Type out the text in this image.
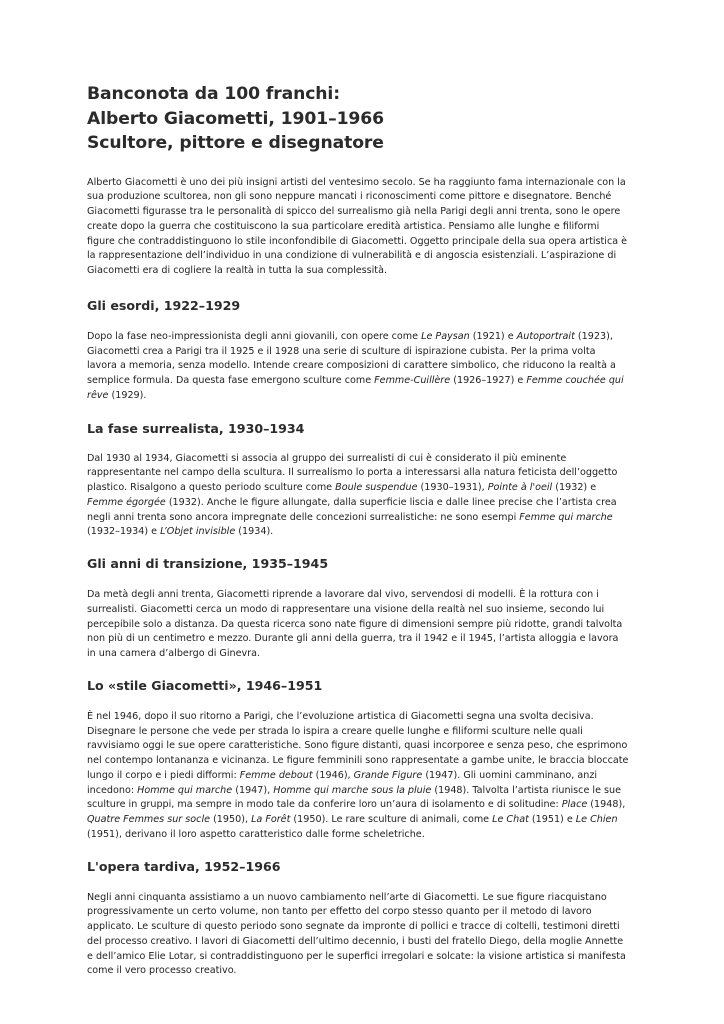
Banconota da 100 franchi:
Alberto Giacometti, 1901–1966
Scultore, pittore e disegnatore

Alberto Giacometti è uno dei più insigni artisti del ventesimo secolo. Se ha raggiunto fama internazionale con la
sua produzione scultorea, non gli sono neppure mancati i riconoscimenti come pittore e disegnatore. Benché
Giacometti figurasse tra le personalità di spicco del surrealismo già nella Parigi degli anni trenta, sono le opere
create dopo la guerra che costituiscono la sua particolare eredità artistica. Pensiamo alle lunghe e filiformi
figure che contraddistinguono lo stile inconfondibile di Giacometti. Oggetto principale della sua opera artistica è
la rappresentazione dell’individuo in una condizione di vulnerabilità e di angoscia esistenziali. L’aspirazione di
Giacometti era di cogliere la realtà in tutta la sua complessità.

Gli esordi, 1922–1929

Dopo la fase neo-impressionista degli anni giovanili, con opere come Le Paysan (1921) e Autoportrait (1923),
Giacometti crea a Parigi tra il 1925 e il 1928 una serie di sculture di ispirazione cubista. Per la prima volta
lavora a memoria, senza modello. Intende creare composizioni di carattere simbolico, che riducono la realtà a
semplice formula. Da questa fase emergono sculture come Femme-Cuillère (1926–1927) e Femme couchée qui
rêve (1929).

La fase surrealista, 1930–1934

Dal 1930 al 1934, Giacometti si associa al gruppo dei surrealisti di cui è considerato il più eminente
rappresentante nel campo della scultura. Il surrealismo lo porta a interessarsi alla natura feticista dell’oggetto
plastico. Risalgono a questo periodo sculture come Boule suspendue (1930–1931), Pointe à l'oeil (1932) e
Femme égorgée (1932). Anche le figure allungate, dalla superficie liscia e dalle linee precise che l’artista crea
negli anni trenta sono ancora impregnate delle concezioni surrealistiche: ne sono esempi Femme qui marche
(1932–1934) e L’Objet invisible (1934).

Gli anni di transizione, 1935–1945

Da metà degli anni trenta, Giacometti riprende a lavorare dal vivo, servendosi di modelli. È la rottura con i
surrealisti. Giacometti cerca un modo di rappresentare una visione della realtà nel suo insieme, secondo lui
percepibile solo a distanza. Da questa ricerca sono nate figure di dimensioni sempre più ridotte, grandi talvolta
non più di un centimetro e mezzo. Durante gli anni della guerra, tra il 1942 e il 1945, l’artista alloggia e lavora
in una camera d’albergo di Ginevra.

Lo «stile Giacometti», 1946–1951

È nel 1946, dopo il suo ritorno a Parigi, che l’evoluzione artistica di Giacometti segna una svolta decisiva.
Disegnare le persone che vede per strada lo ispira a creare quelle lunghe e filiformi sculture nelle quali
ravvisiamo oggi le sue opere caratteristiche. Sono figure distanti, quasi incorporee e senza peso, che esprimono
nel contempo lontananza e vicinanza. Le figure femminili sono rappresentate a gambe unite, le braccia bloccate
lungo il corpo e i piedi difformi: Femme debout (1946), Grande Figure (1947). Gli uomini camminano, anzi
incedono: Homme qui marche (1947), Homme qui marche sous la pluie (1948). Talvolta l’artista riunisce le sue
sculture in gruppi, ma sempre in modo tale da conferire loro un’aura di isolamento e di solitudine: Place (1948),
Quatre Femmes sur socle (1950), La Forêt (1950). Le rare sculture di animali, come Le Chat (1951) e Le Chien
(1951), derivano il loro aspetto caratteristico dalle forme scheletriche.

L'opera tardiva, 1952–1966

Negli anni cinquanta assistiamo a un nuovo cambiamento nell’arte di Giacometti. Le sue figure riacquistano
progressivamente un certo volume, non tanto per effetto del corpo stesso quanto per il metodo di lavoro
applicato. Le sculture di questo periodo sono segnate da impronte di pollici e tracce di coltelli, testimoni diretti
del processo creativo. I lavori di Giacometti dell’ultimo decennio, i busti del fratello Diego, della moglie Annette
e dell’amico Elie Lotar, si contraddistinguono per le superfici irregolari e solcate: la visione artistica si manifesta
come il vero processo creativo.
